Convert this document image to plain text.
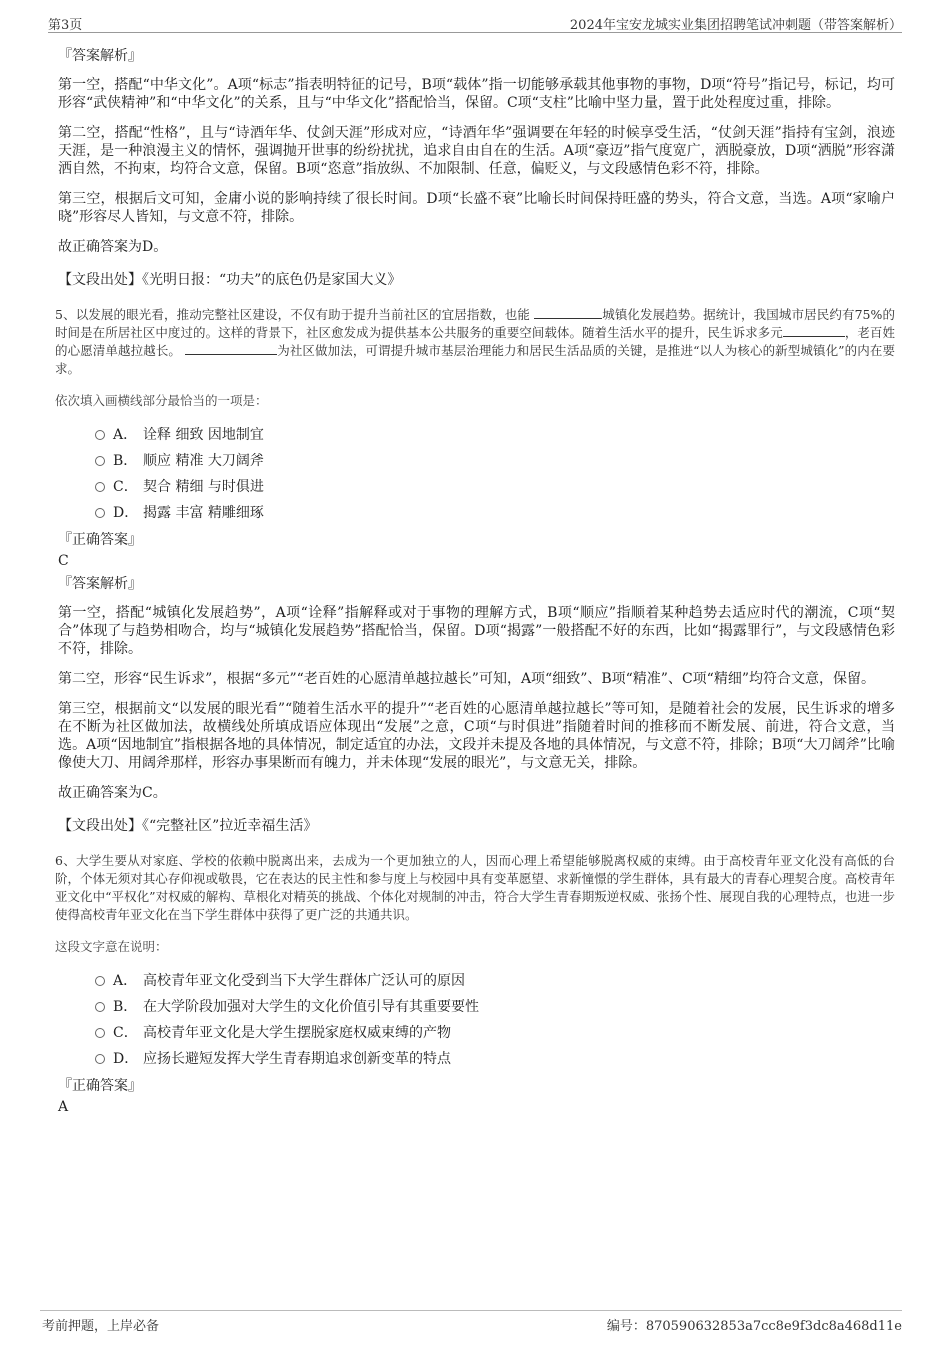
第3页	2024年宝安龙城实业集团招聘笔试冲刺题（带答案解析）
『答案解析』

第一空，搭配“中华文化”。A项“标志”指表明特征的记号，B项“载体”指一切能够承载其他事物的事物，D项“符号”指记号，标记，均可形容“武侠精神”和“中华文化”的关系，且与“中华文化”搭配恰当，保留。C项“支柱”比喻中坚力量，置于此处程度过重，排除。

第二空，搭配“性格”，且与“诗酒年华、仗剑天涯”形成对应，“诗酒年华”强调要在年轻的时候享受生活，“仗剑天涯”指持有宝剑，浪迹天涯，是一种浪漫主义的情怀，强调抛开世事的纷纷扰扰，追求自由自在的生活。A项“豪迈”指气度宽广，洒脱豪放，D项“洒脱”形容潇洒自然，不拘束，均符合文意，保留。B项“恣意”指放纵、不加限制、任意，偏贬义，与文段感情色彩不符，排除。

第三空，根据后文可知，金庸小说的影响持续了很长时间。D项“长盛不衰”比喻长时间保持旺盛的势头，符合文意，当选。A项“家喻户晓”形容尽人皆知，与文意不符，排除。

故正确答案为D。

【文段出处】《光明日报：“功夫”的底色仍是家国大义》

5、以发展的眼光看，推动完整社区建设，不仅有助于提升当前社区的宜居指数，也能	城镇化发展趋势。据统计，我国城市居民约有75%的时间是在所居社区中度过的。这样的背景下，社区愈发成为提供基本公共服务的重要空间载体。随着生活水平的提升，民生诉求多元	，老百姓的心愿清单越拉越长。	为社区做加法，可谓提升城市基层治理能力和居民生活品质的关键，是推进“以人为核心的新型城镇化”的内在要求。

依次填入画横线部分最恰当的一项是：
A． 诠释 细致 因地制宜
B． 顺应 精准 大刀阔斧
C． 契合 精细 与时俱进
D． 揭露 丰富 精雕细琢
『正确答案』
C
『答案解析』

第一空，搭配“城镇化发展趋势”，A项“诠释”指解释或对于事物的理解方式，B项“顺应”指顺着某种趋势去适应时代的潮流，C项“契合”体现了与趋势相吻合，均与“城镇化发展趋势”搭配恰当，保留。D项“揭露”一般搭配不好的东西，比如“揭露罪行”，与文段感情色彩不符，排除。

第二空，形容“民生诉求”，根据“多元”“老百姓的心愿清单越拉越长”可知，A项“细致”、B项“精准”、C项“精细”均符合文意，保留。

第三空，根据前文“以发展的眼光看”“随着生活水平的提升”“老百姓的心愿清单越拉越长”等可知，是随着社会的发展，民生诉求的增多在不断为社区做加法，故横线处所填成语应体现出“发展”之意，C项“与时俱进”指随着时间的推移而不断发展、前进，符合文意，当选。A项“因地制宜”指根据各地的具体情况，制定适宜的办法，文段并未提及各地的具体情况，与文意不符，排除；B项“大刀阔斧”比喻像使大刀、用阔斧那样，形容办事果断而有魄力，并未体现“发展的眼光”，与文意无关，排除。

故正确答案为C。

【文段出处】《“完整社区”拉近幸福生活》

6、大学生要从对家庭、学校的依赖中脱离出来，去成为一个更加独立的人，因而心理上希望能够脱离权威的束缚。由于高校青年亚文化没有高低的台阶，个体无须对其心存仰视或敬畏，它在表达的民主性和参与度上与校园中具有变革愿望、求新憧憬的学生群体，具有最大的青春心理契合度。高校青年亚文化中“平权化”对权威的解构、草根化对精英的挑战、个体化对规制的冲击，符合大学生青春期叛逆权威、张扬个性、展现自我的心理特点，也进一步使得高校青年亚文化在当下学生群体中获得了更广泛的共通共识。

这段文字意在说明：
A． 高校青年亚文化受到当下大学生群体广泛认可的原因
B． 在大学阶段加强对大学生的文化价值引导有其重要要性
C． 高校青年亚文化是大学生摆脱家庭权威束缚的产物
D． 应扬长避短发挥大学生青春期追求创新变革的特点
『正确答案』
A
考前押题，上岸必备	编号：870590632853a7cc8e9f3dc8a468d11e
